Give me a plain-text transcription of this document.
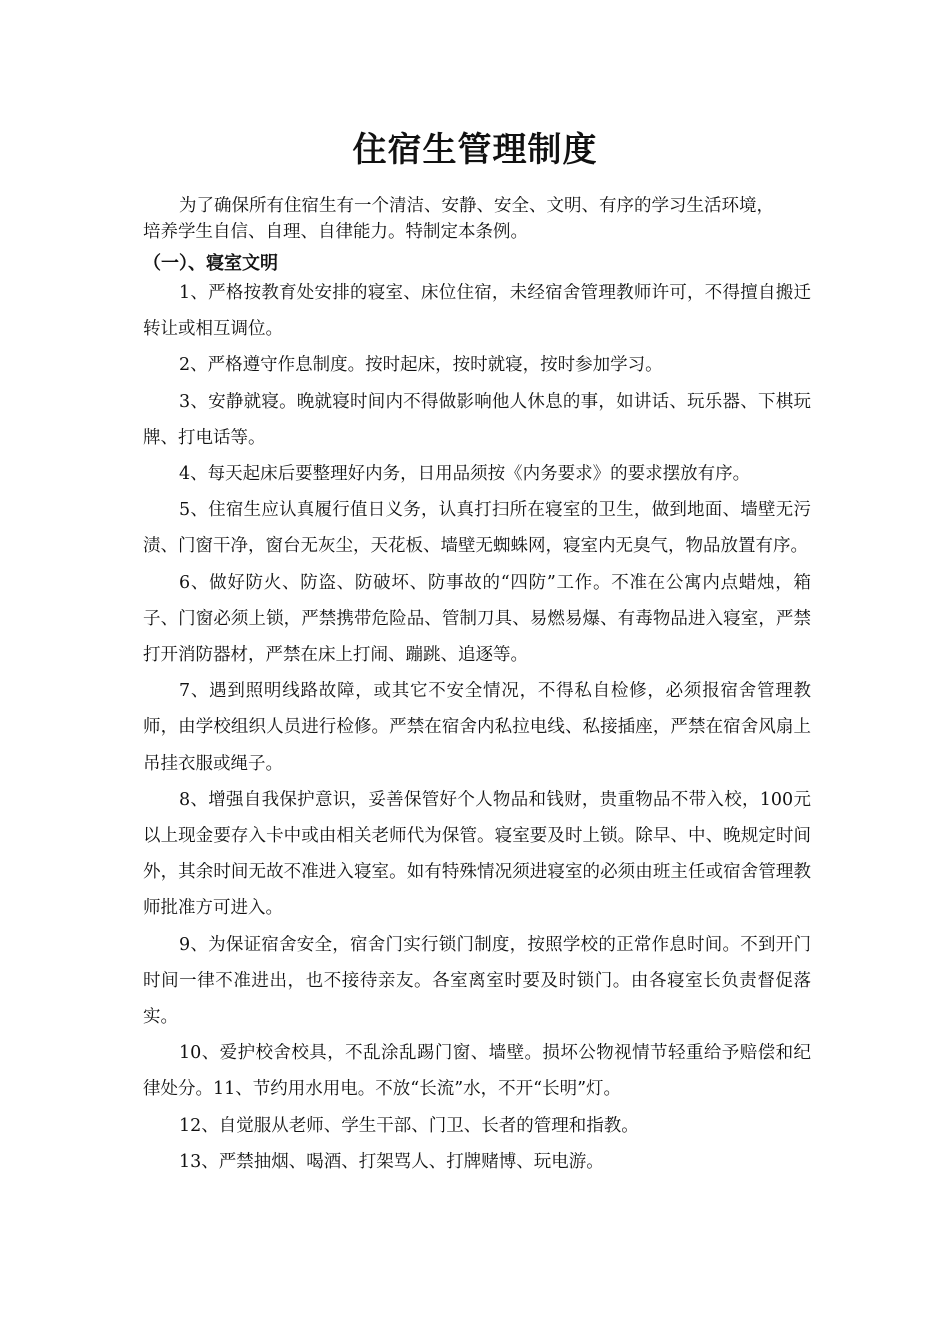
住宿生管理制度

为了确保所有住宿生有一个清洁、安静、安全、文明、有序的学习生活环境，培养学生自信、自理、自律能力。特制定本条例。

（一）、寝室文明
1、严格按教育处安排的寝室、床位住宿，未经宿舍管理教师许可，不得擅自搬迁转让或相互调位。
2、严格遵守作息制度。按时起床，按时就寝，按时参加学习。
3、安静就寝。晚就寝时间内不得做影响他人休息的事，如讲话、玩乐器、下棋玩牌、打电话等。
4、每天起床后要整理好内务，日用品须按《内务要求》的要求摆放有序。
5、住宿生应认真履行值日义务，认真打扫所在寝室的卫生，做到地面、墙壁无污渍、门窗干净，窗台无灰尘，天花板、墙壁无蜘蛛网，寝室内无臭气，物品放置有序。
6、做好防火、防盗、防破坏、防事故的“四防”工作。不准在公寓内点蜡烛，箱子、门窗必须上锁，严禁携带危险品、管制刀具、易燃易爆、有毒物品进入寝室，严禁打开消防器材，严禁在床上打闹、蹦跳、追逐等。
7、遇到照明线路故障，或其它不安全情况，不得私自检修，必须报宿舍管理教师，由学校组织人员进行检修。严禁在宿舍内私拉电线、私接插座，严禁在宿舍风扇上吊挂衣服或绳子。
8、增强自我保护意识，妥善保管好个人物品和钱财，贵重物品不带入校，100元以上现金要存入卡中或由相关老师代为保管。寝室要及时上锁。除早、中、晚规定时间外，其余时间无故不准进入寝室。如有特殊情况须进寝室的必须由班主任或宿舍管理教师批准方可进入。
9、为保证宿舍安全，宿舍门实行锁门制度，按照学校的正常作息时间。不到开门时间一律不准进出，也不接待亲友。各室离室时要及时锁门。由各寝室长负责督促落实。
10、爱护校舍校具，不乱涂乱踢门窗、墙壁。损坏公物视情节轻重给予赔偿和纪律处分。11、节约用水用电。不放“长流”水，不开“长明”灯。
12、自觉服从老师、学生干部、门卫、长者的管理和指教。
13、严禁抽烟、喝酒、打架骂人、打牌赌博、玩电游。
